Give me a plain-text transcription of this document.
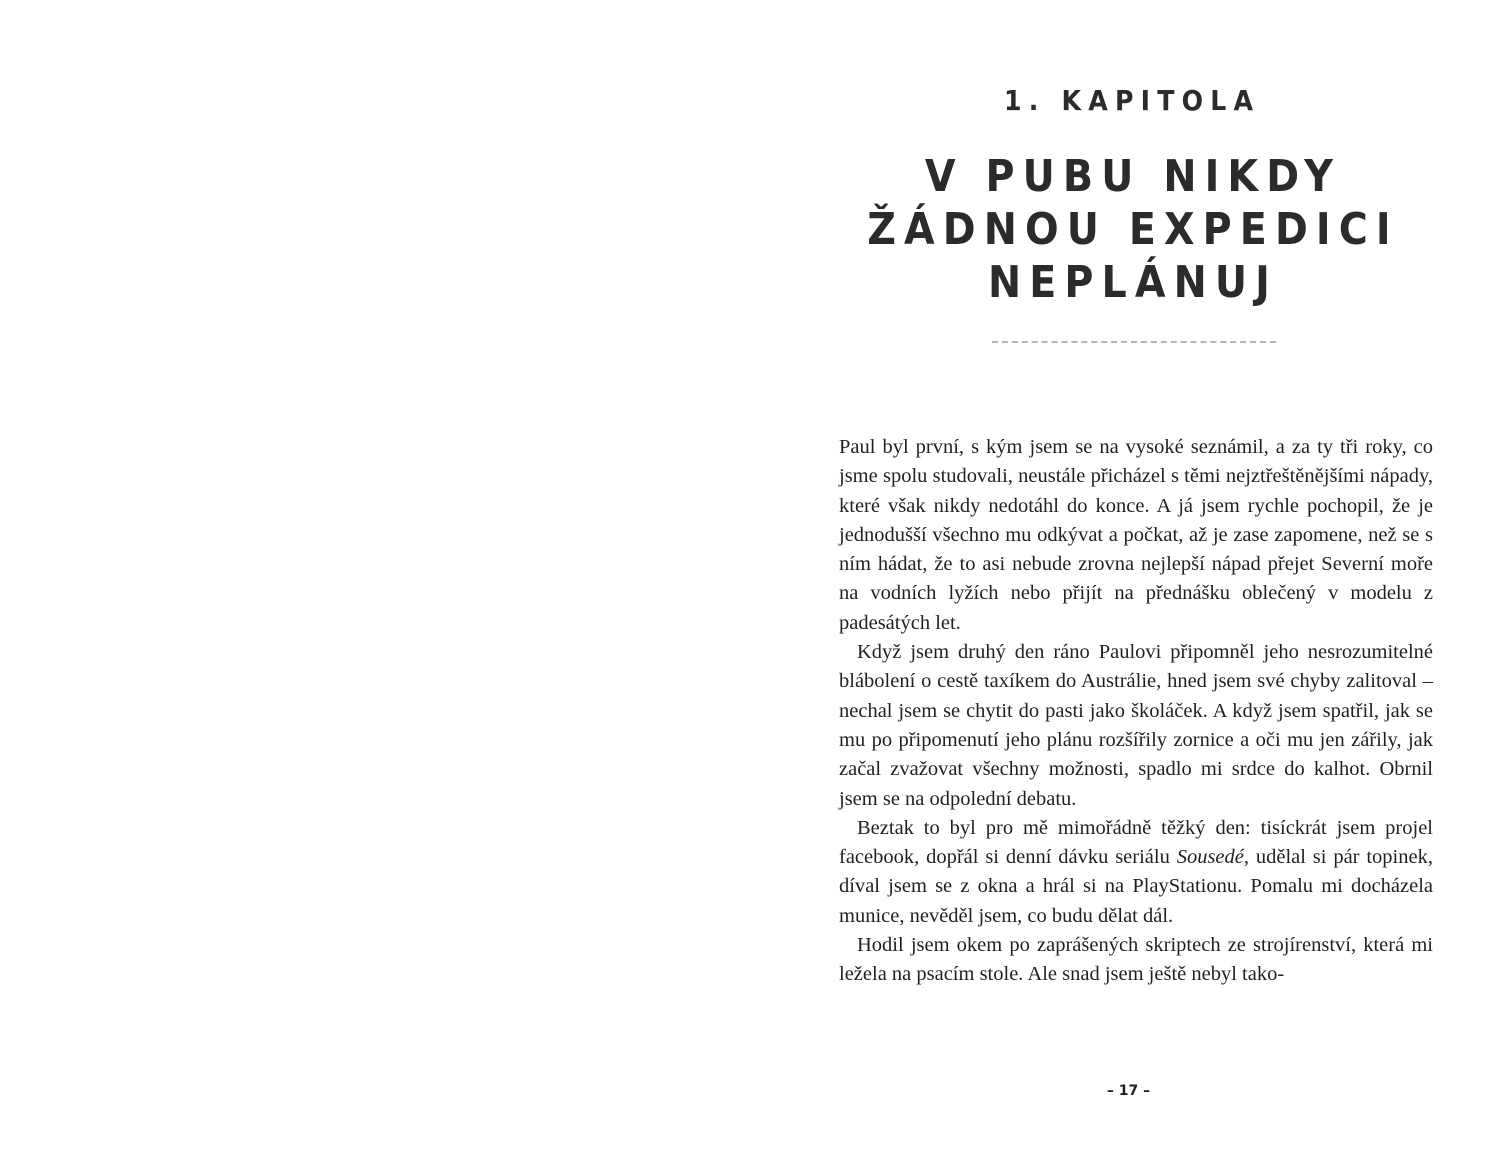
1. KAPITOLA
V PUBU NIKDY
ŽÁDNOU EXPEDICI
NEPLÁNUJ

Paul byl první, s kým jsem se na vysoké seznámil, a za ty tři roky, co jsme spolu studovali, neustále přicházel s těmi nejztřeštěnějšími nápady, které však nikdy nedotáhl do konce. A já jsem rychle pochopil, že je jednodušší všechno mu odkývat a počkat, až je zase zapomene, než se s ním hádat, že to asi nebude zrovna nejlepší nápad přejet Severní moře na vodních lyžích nebo přijít na přednášku oblečený v modelu z padesátých let.

Když jsem druhý den ráno Paulovi připomněl jeho nesrozumitelné blábolení o cestě taxíkem do Austrálie, hned jsem své chyby zalitoval – nechal jsem se chytit do pasti jako školáček. A když jsem spatřil, jak se mu po připomenutí jeho plánu rozšířily zornice a oči mu jen zářily, jak začal zvažovat všechny možnosti, spadlo mi srdce do kalhot. Obrnil jsem se na odpolední debatu.

Beztak to byl pro mě mimořádně těžký den: tisíckrát jsem projel facebook, dopřál si denní dávku seriálu Sousedé, udělal si pár topinek, díval jsem se z okna a hrál si na PlayStationu. Pomalu mi docházela munice, nevěděl jsem, co budu dělat dál.

Hodil jsem okem po zaprášených skriptech ze strojírenství, která mi ležela na psacím stole. Ale snad jsem ještě nebyl tako-

– 17 –
